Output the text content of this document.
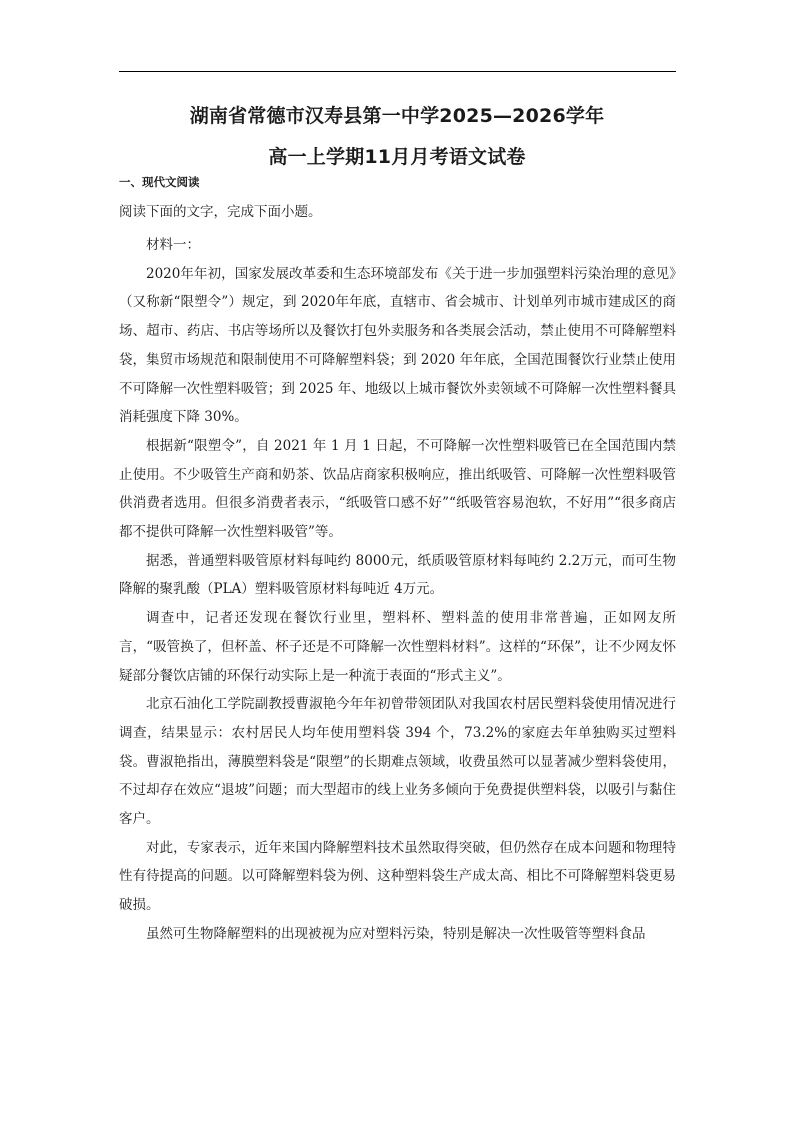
湖南省常德市汉寿县第一中学2025—2026学年
高一上学期11月月考语文试卷
一、现代文阅读
阅读下面的文字，完成下面小题。

材料一：

2020年年初，国家发展改革委和生态环境部发布《关于进一步加强塑料污染治理的意见》（又称新“限塑令”）规定，到 2020年年底，直辖市、省会城市、计划单列市城市建成区的商场、超市、药店、书店等场所以及餐饮打包外卖服务和各类展会活动，禁止使用不可降解塑料袋，集贸市场规范和限制使用不可降解塑料袋；到 2020 年年底，全国范围餐饮行业禁止使用不可降解一次性塑料吸管；到 2025 年、地级以上城市餐饮外卖领域不可降解一次性塑料餐具消耗强度下降 30%。

根据新“限塑令”，自 2021 年 1 月 1 日起，不可降解一次性塑料吸管已在全国范围内禁止使用。不少吸管生产商和奶茶、饮品店商家积极响应，推出纸吸管、可降解一次性塑料吸管供消费者选用。但很多消费者表示，“纸吸管口感不好”“纸吸管容易泡软，不好用”“很多商店都不提供可降解一次性塑料吸管”等。

据悉，普通塑料吸管原材料每吨约 8000元，纸质吸管原材料每吨约 2.2万元，而可生物降解的聚乳酸（PLA）塑料吸管原材料每吨近 4万元。

调查中，记者还发现在餐饮行业里，塑料杯、塑料盖的使用非常普遍，正如网友所言，“吸管换了，但杯盖、杯子还是不可降解一次性塑料材料”。这样的“环保”，让不少网友怀疑部分餐饮店铺的环保行动实际上是一种流于表面的“形式主义”。

北京石油化工学院副教授曹淑艳今年年初曾带领团队对我国农村居民塑料袋使用情况进行调查，结果显示：农村居民人均年使用塑料袋 394 个，73.2%的家庭去年单独购买过塑料袋。曹淑艳指出，薄膜塑料袋是“限塑”的长期难点领域，收费虽然可以显著减少塑料袋使用，不过却存在效应“退坡”问题；而大型超市的线上业务多倾向于免费提供塑料袋，以吸引与黏住客户。

对此，专家表示，近年来国内降解塑料技术虽然取得突破，但仍然存在成本问题和物理特性有待提高的问题。以可降解塑料袋为例、这种塑料袋生产成太高、相比不可降解塑料袋更易破损。

虽然可生物降解塑料的出现被视为应对塑料污染，特别是解决一次性吸管等塑料食品
